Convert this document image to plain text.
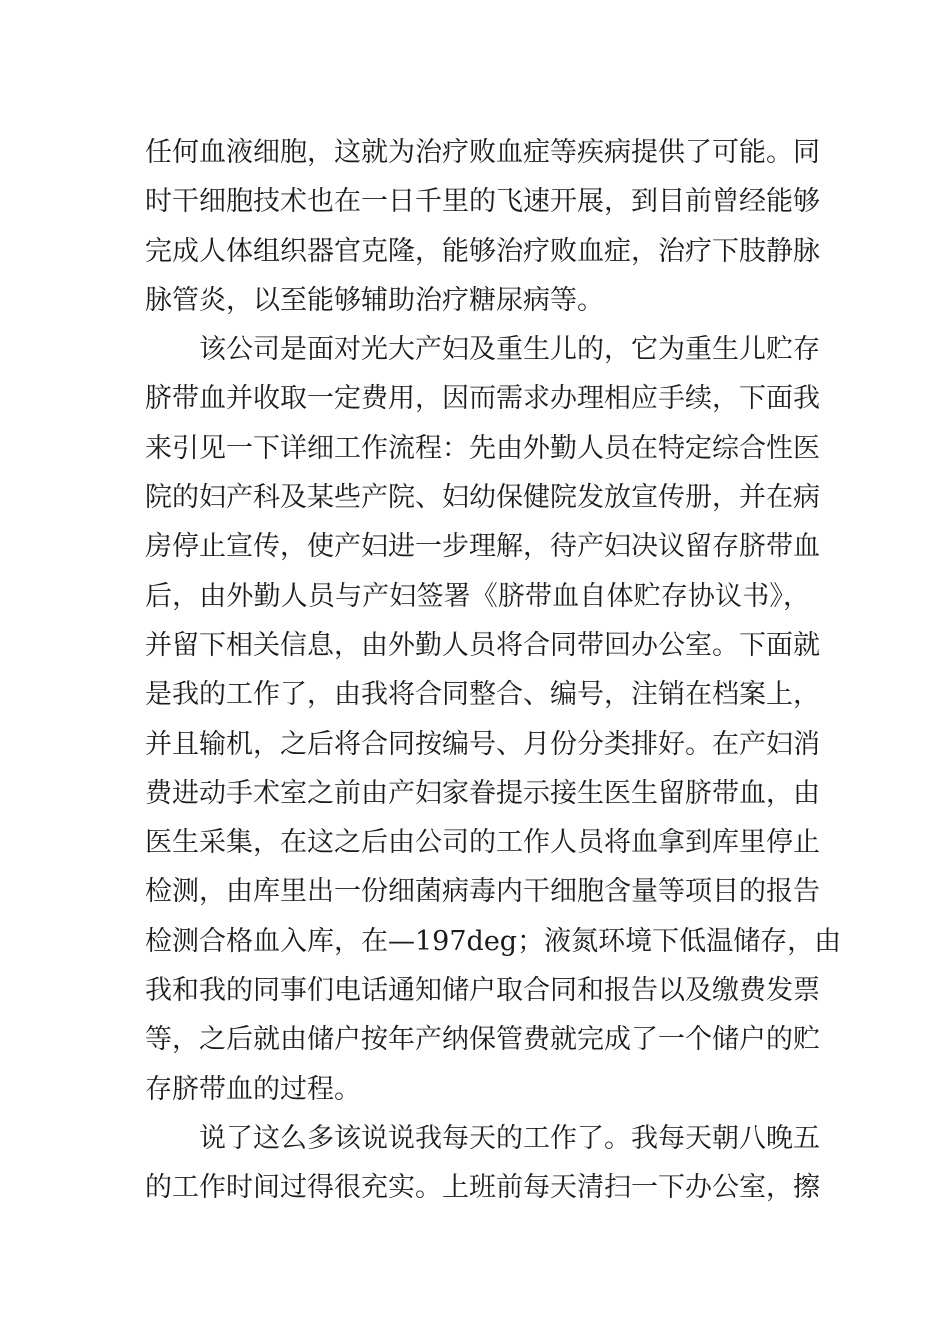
任何血液细胞，这就为治疗败血症等疾病提供了可能。同
时干细胞技术也在一日千里的飞速开展，到目前曾经能够
完成人体组织器官克隆，能够治疗败血症，治疗下肢静脉
脉管炎，以至能够辅助治疗糖尿病等。
该公司是面对光大产妇及重生儿的，它为重生儿贮存
脐带血并收取一定费用，因而需求办理相应手续，下面我
来引见一下详细工作流程：先由外勤人员在特定综合性医
院的妇产科及某些产院、妇幼保健院发放宣传册，并在病
房停止宣传，使产妇进一步理解，待产妇决议留存脐带血
后，由外勤人员与产妇签署《脐带血自体贮存协议书》，
并留下相关信息，由外勤人员将合同带回办公室。下面就
是我的工作了，由我将合同整合、编号，注销在档案上，
并且输机，之后将合同按编号、月份分类排好。在产妇消
费进动手术室之前由产妇家眷提示接生医生留脐带血，由
医生采集，在这之后由公司的工作人员将血拿到库里停止
检测，由库里出一份细菌病毒内干细胞含量等项目的报告
检测合格血入库，在—197deg；液氮环境下低温储存，由
我和我的同事们电话通知储户取合同和报告以及缴费发票
等，之后就由储户按年产纳保管费就完成了一个储户的贮
存脐带血的过程。
说了这么多该说说我每天的工作了。我每天朝八晚五
的工作时间过得很充实。上班前每天清扫一下办公室，擦
